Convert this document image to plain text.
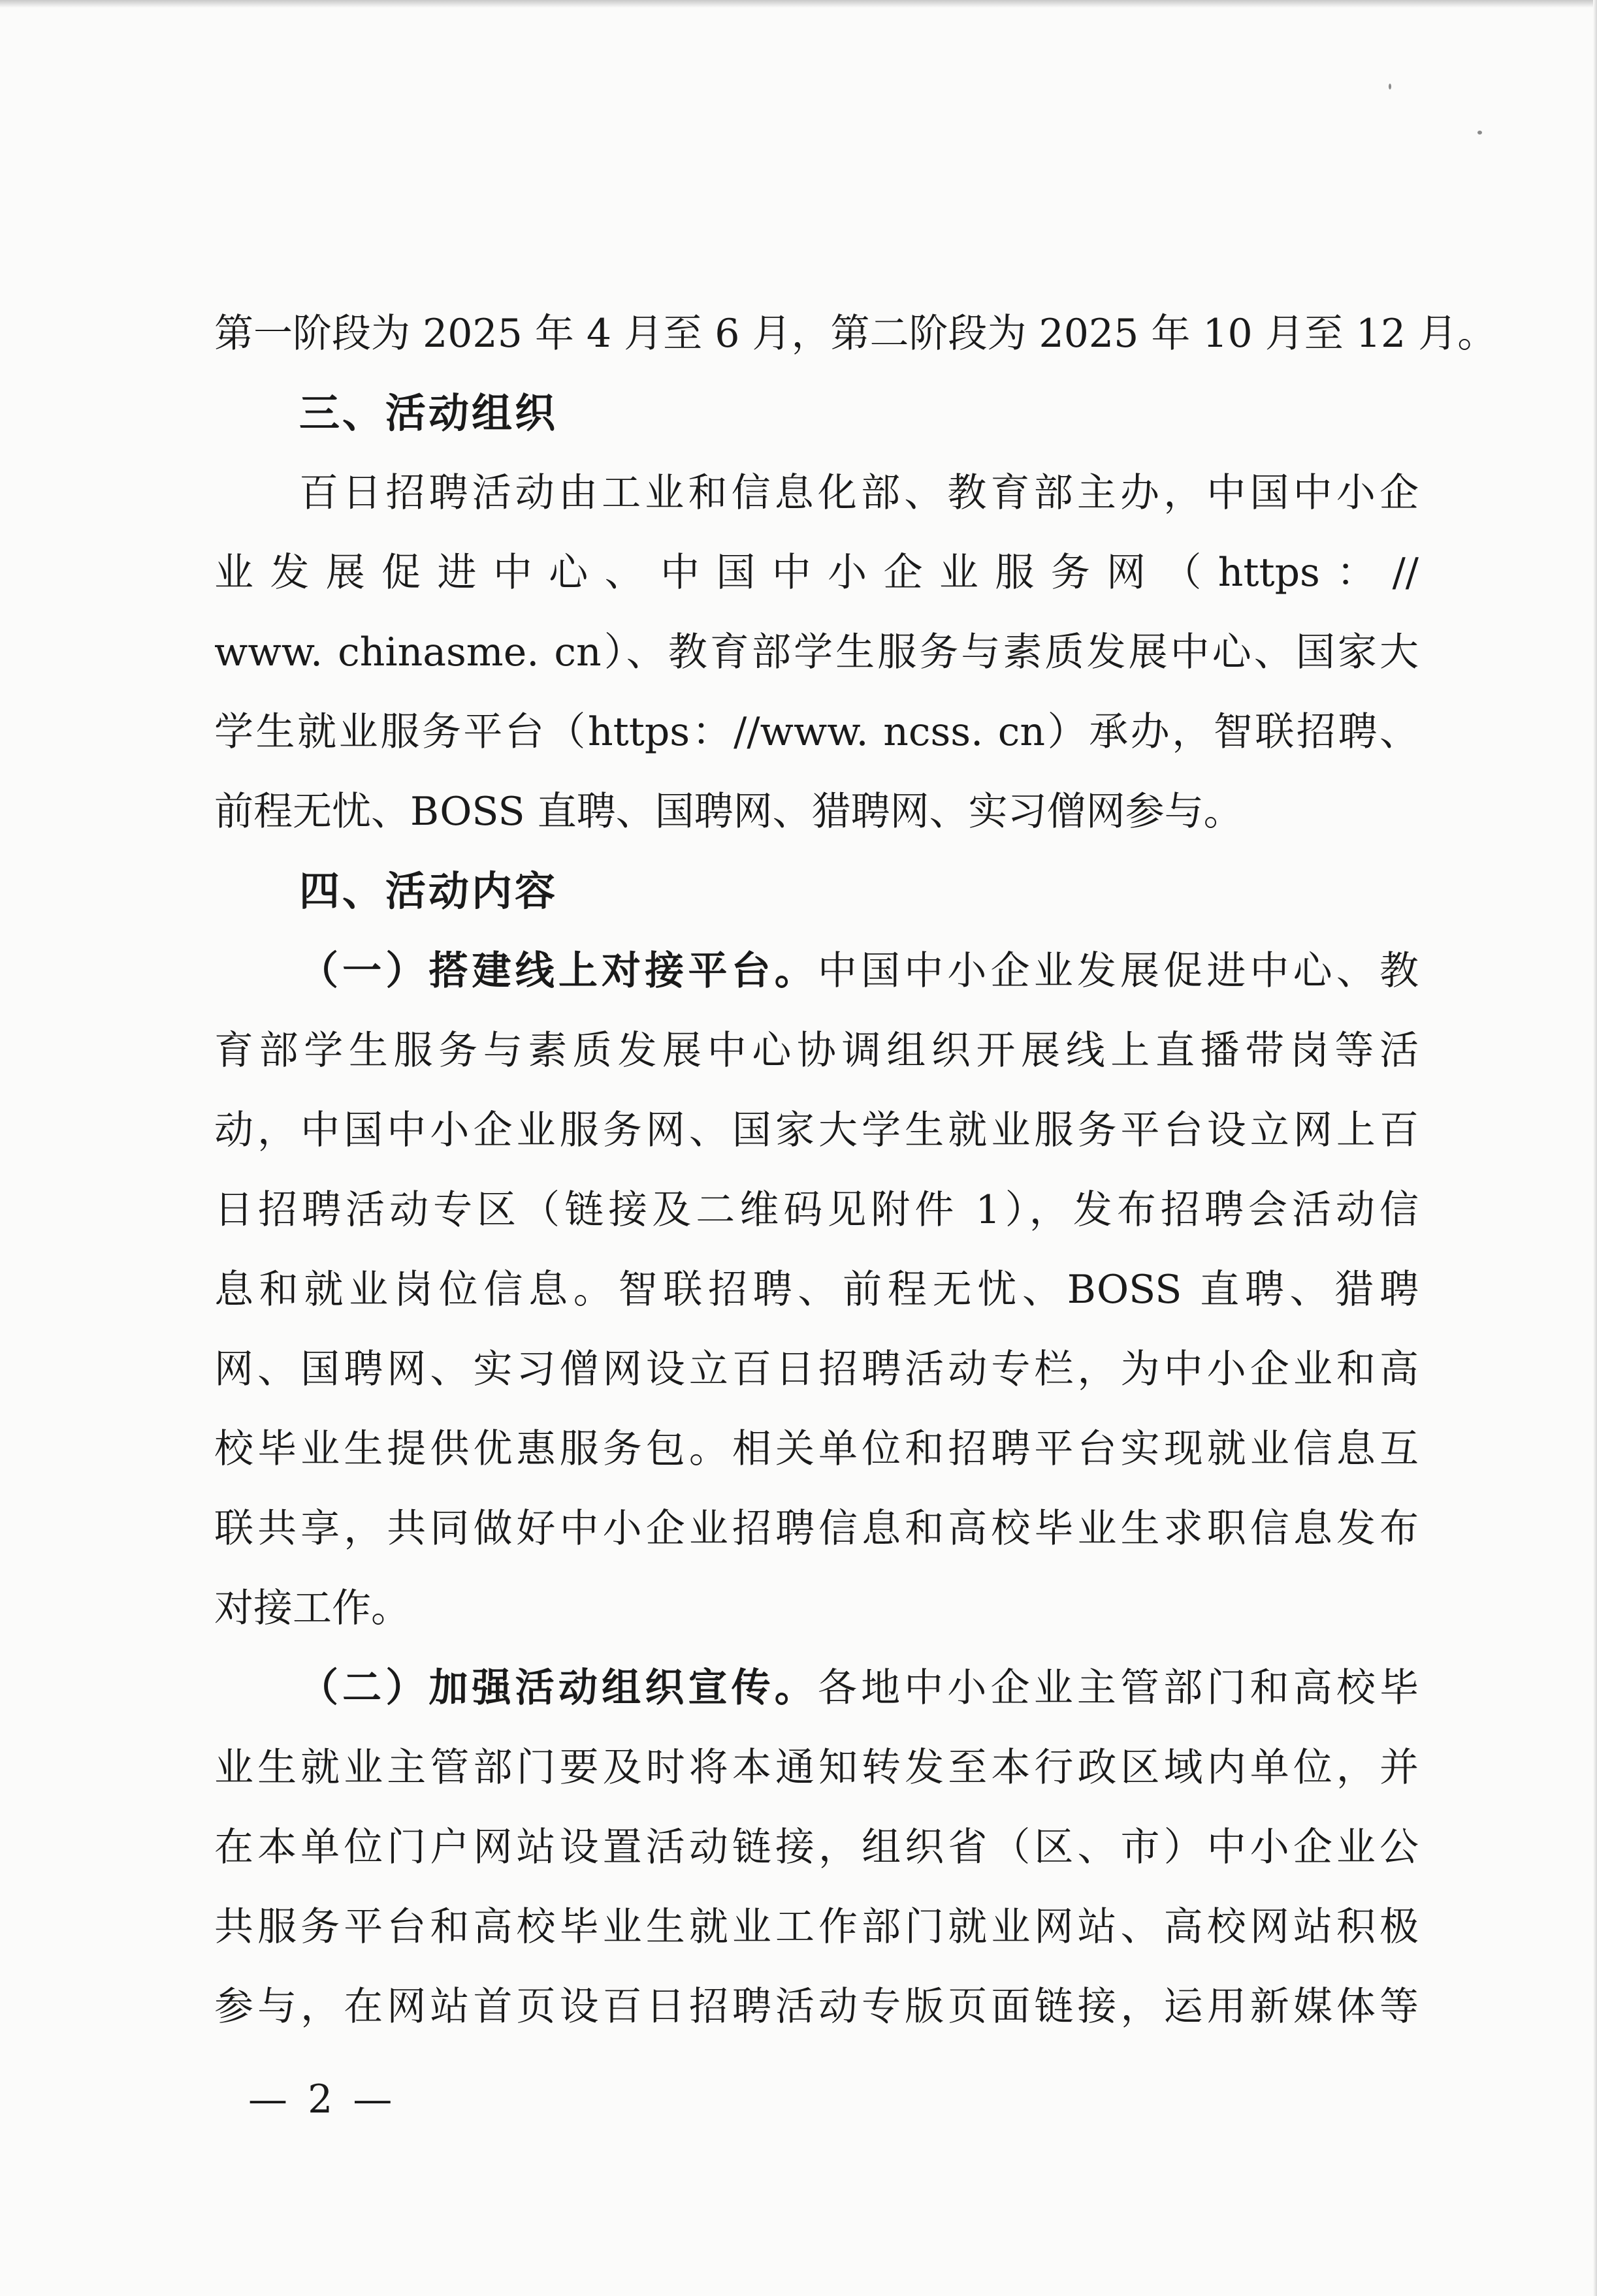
第一阶段为 2025 年 4 月至 6 月，第二阶段为 2025 年 10 月至 12 月。
三、活动组织
百日招聘活动由工业和信息化部、教育部主办，中国中小企
业发展促进中心、中国中小企业服务网（https：//
www. chinasme. cn）、教育部学生服务与素质发展中心、国家大
学生就业服务平台（https：//www. ncss. cn）承办，智联招聘、
前程无忧、BOSS 直聘、国聘网、猎聘网、实习僧网参与。
四、活动内容
（一）搭建线上对接平台。中国中小企业发展促进中心、教
育部学生服务与素质发展中心协调组织开展线上直播带岗等活
动，中国中小企业服务网、国家大学生就业服务平台设立网上百
日招聘活动专区（链接及二维码见附件 1），发布招聘会活动信
息和就业岗位信息。智联招聘、前程无忧、BOSS 直聘、猎聘
网、国聘网、实习僧网设立百日招聘活动专栏，为中小企业和高
校毕业生提供优惠服务包。相关单位和招聘平台实现就业信息互
联共享，共同做好中小企业招聘信息和高校毕业生求职信息发布
对接工作。
（二）加强活动组织宣传。各地中小企业主管部门和高校毕
业生就业主管部门要及时将本通知转发至本行政区域内单位，并
在本单位门户网站设置活动链接，组织省（区、市）中小企业公
共服务平台和高校毕业生就业工作部门就业网站、高校网站积极
参与，在网站首页设百日招聘活动专版页面链接，运用新媒体等
— 2 —
